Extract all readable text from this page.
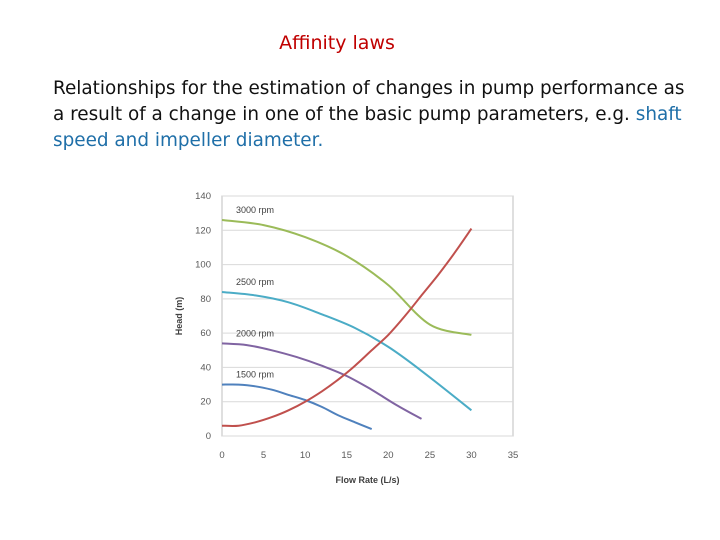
Affinity laws
Relationships for the estimation of changes in pump performance as a result of a change in one of the basic pump parameters, e.g. shaft speed and impeller diameter.
0
20
40
60
80
100
120
140
0	5	10	15	20	25	30	35
Flow Rate (L/s)
Head (m)
3000 rpm
2500 rpm
2000 rpm
1500 rpm
